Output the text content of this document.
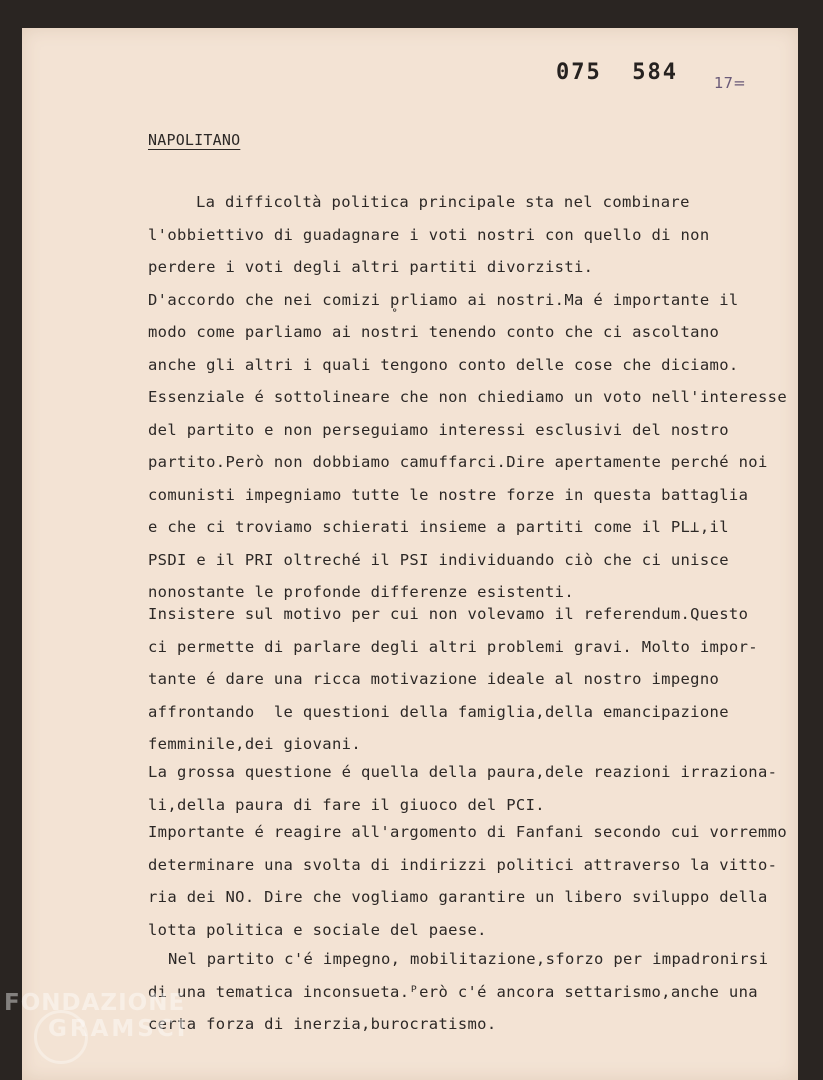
075  584 17=
NAPOLITANO
La difficoltà politica principale sta nel combinare
l'obbiettivo di guadagnare i voti nostri con quello di non
perdere i voti degli altri partiti divorzisti.
D'accordo che nei comizi p̥rliamo ai nostri.Ma é importante il
modo come parliamo ai nostri tenendo conto che ci ascoltano
anche gli altri i quali tengono conto delle cose che diciamo.
Essenziale é sottolineare che non chiediamo un voto nell'interesse
del partito e non perseguiamo interessi esclusivi del nostro
partito.Però non dobbiamo camuffarci.Dire apertamente perché noi
comunisti impegniamo tutte le nostre forze in questa battaglia
e che ci troviamo schierati insieme a partiti come il PL⊥,il
PSDI e il PRI oltreché il PSI individuando ciò che ci unisce
nonostante le profonde differenze esistenti.
Insistere sul motivo per cui non volevamo il referendum.Questo
ci permette di parlare degli altri problemi gravi. Molto impor-
tante é dare una ricca motivazione ideale al nostro impegno
affrontando  le questioni della famiglia,della emancipazione
femminile,dei giovani.
La grossa questione é quella della paura,dele reazioni irraziona-
li,della paura di fare il giuoco del PCI.
Importante é reagire all'argomento di Fanfani secondo cui vorremmo
determinare una svolta di indirizzi politici attraverso la vitto-
ria dei NO. Dire che vogliamo garantire un libero sviluppo della
lotta politica e sociale del paese.
Nel partito c'é impegno, mobilitazione,sforzo per impadronirsi
di una tematica inconsueta.ᴾerò c'é ancora settarismo,anche una
certa forza di inerzia,burocratismo.
FONDAZIONE
GRAMSCI
